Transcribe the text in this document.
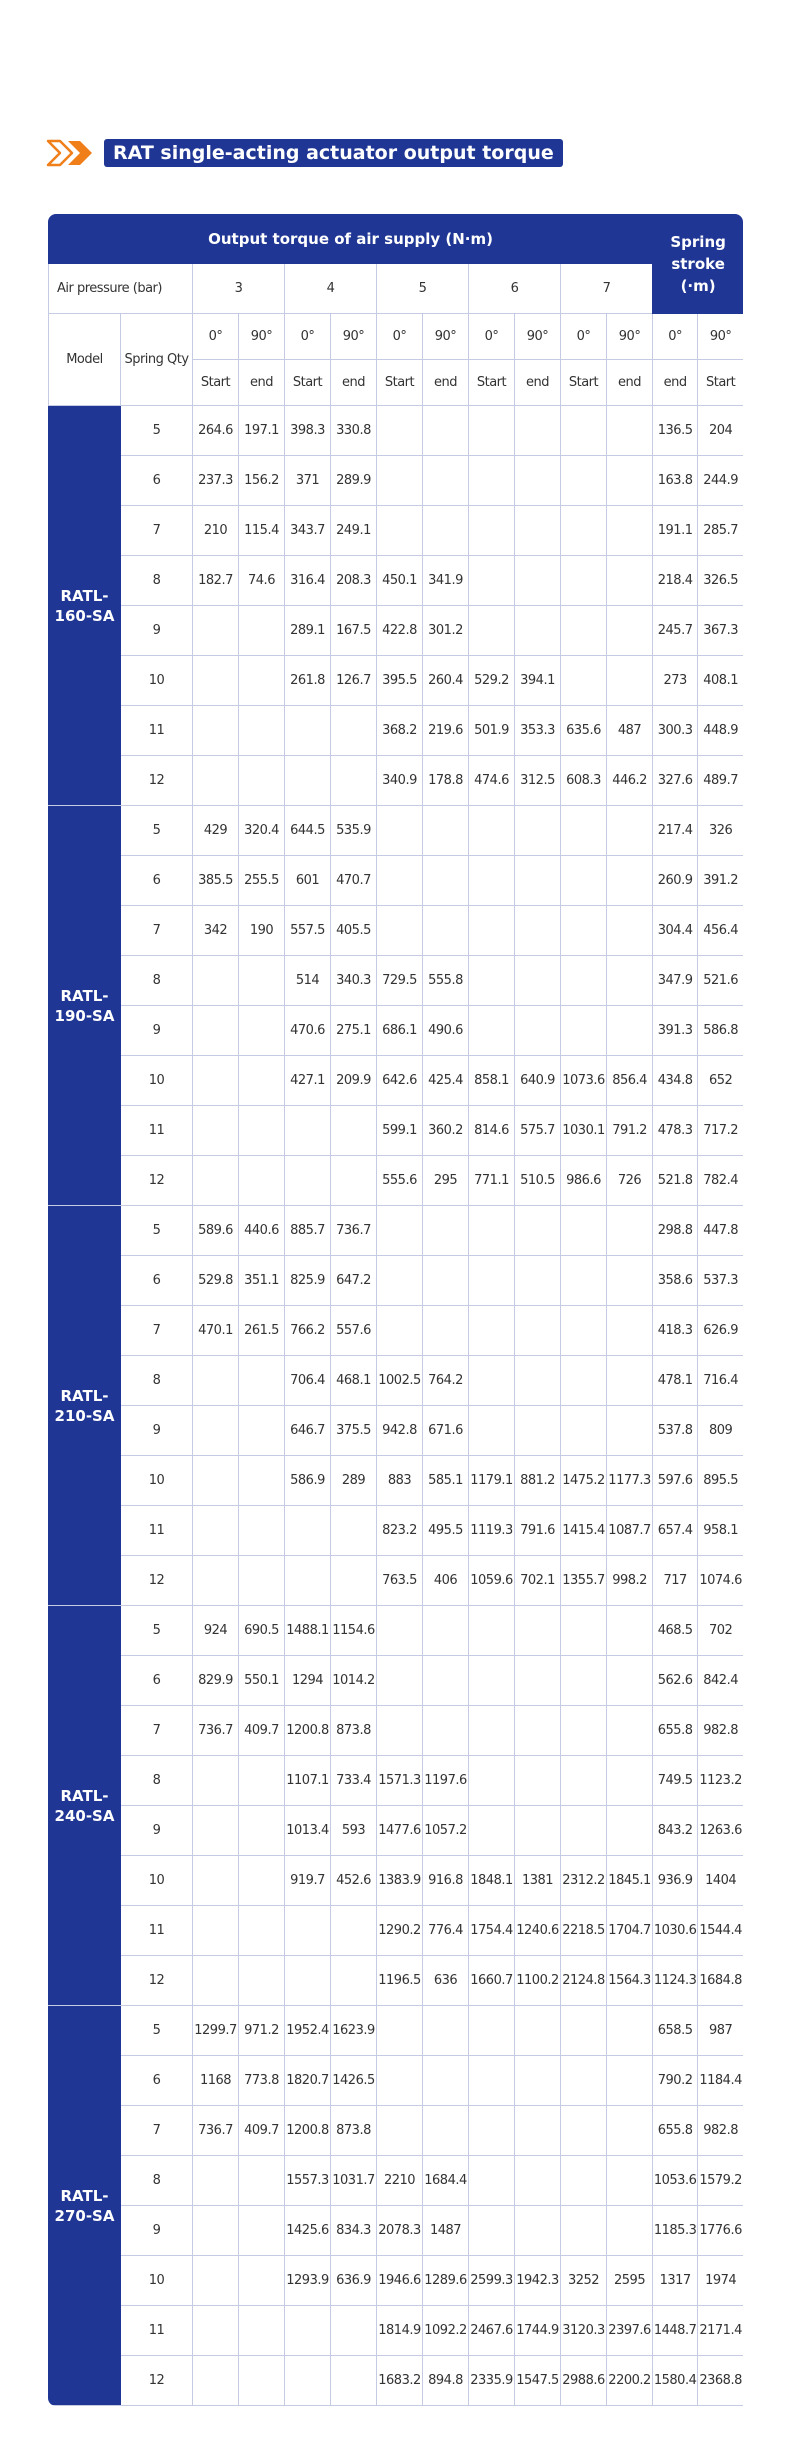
RAT single-acting actuator output torque
Output torque of air supply (N·m)												Spring stroke (·m)	
Air pressure (bar)		3		4		5		6		7			
Model	Spring Qty	0°	90°	0°	90°	0°	90°	0°	90°	0°	90°	0°	90°
		Start	end	Start	end	Start	end	Start	end	Start	end	end	Start
RATL-160-SA	5	264.6	197.1	398.3	330.8							136.5	204
	6	237.3	156.2	371	289.9							163.8	244.9
	7	210	115.4	343.7	249.1							191.1	285.7
	8	182.7	74.6	316.4	208.3	450.1	341.9					218.4	326.5
	9			289.1	167.5	422.8	301.2					245.7	367.3
	10			261.8	126.7	395.5	260.4	529.2	394.1			273	408.1
	11					368.2	219.6	501.9	353.3	635.6	487	300.3	448.9
	12					340.9	178.8	474.6	312.5	608.3	446.2	327.6	489.7
RATL-190-SA	5	429	320.4	644.5	535.9							217.4	326
	6	385.5	255.5	601	470.7							260.9	391.2
	7	342	190	557.5	405.5							304.4	456.4
	8			514	340.3	729.5	555.8					347.9	521.6
	9			470.6	275.1	686.1	490.6					391.3	586.8
	10			427.1	209.9	642.6	425.4	858.1	640.9	1073.6	856.4	434.8	652
	11					599.1	360.2	814.6	575.7	1030.1	791.2	478.3	717.2
	12					555.6	295	771.1	510.5	986.6	726	521.8	782.4
RATL-210-SA	5	589.6	440.6	885.7	736.7							298.8	447.8
	6	529.8	351.1	825.9	647.2							358.6	537.3
	7	470.1	261.5	766.2	557.6							418.3	626.9
	8			706.4	468.1	1002.5	764.2					478.1	716.4
	9			646.7	375.5	942.8	671.6					537.8	809
	10			586.9	289	883	585.1	1179.1	881.2	1475.2	1177.3	597.6	895.5
	11					823.2	495.5	1119.3	791.6	1415.4	1087.7	657.4	958.1
	12					763.5	406	1059.6	702.1	1355.7	998.2	717	1074.6
RATL-240-SA	5	924	690.5	1488.1	1154.6							468.5	702
	6	829.9	550.1	1294	1014.2							562.6	842.4
	7	736.7	409.7	1200.8	873.8							655.8	982.8
	8			1107.1	733.4	1571.3	1197.6					749.5	1123.2
	9			1013.4	593	1477.6	1057.2					843.2	1263.6
	10			919.7	452.6	1383.9	916.8	1848.1	1381	2312.2	1845.1	936.9	1404
	11					1290.2	776.4	1754.4	1240.6	2218.5	1704.7	1030.6	1544.4
	12					1196.5	636	1660.7	1100.2	2124.8	1564.3	1124.3	1684.8
RATL-270-SA	5	1299.7	971.2	1952.4	1623.9							658.5	987
	6	1168	773.8	1820.7	1426.5							790.2	1184.4
	7	736.7	409.7	1200.8	873.8							655.8	982.8
	8			1557.3	1031.7	2210	1684.4					1053.6	1579.2
	9			1425.6	834.3	2078.3	1487					1185.3	1776.6
	10			1293.9	636.9	1946.6	1289.6	2599.3	1942.3	3252	2595	1317	1974
	11					1814.9	1092.2	2467.6	1744.9	3120.3	2397.6	1448.7	2171.4
	12					1683.2	894.8	2335.9	1547.5	2988.6	2200.2	1580.4	2368.8
